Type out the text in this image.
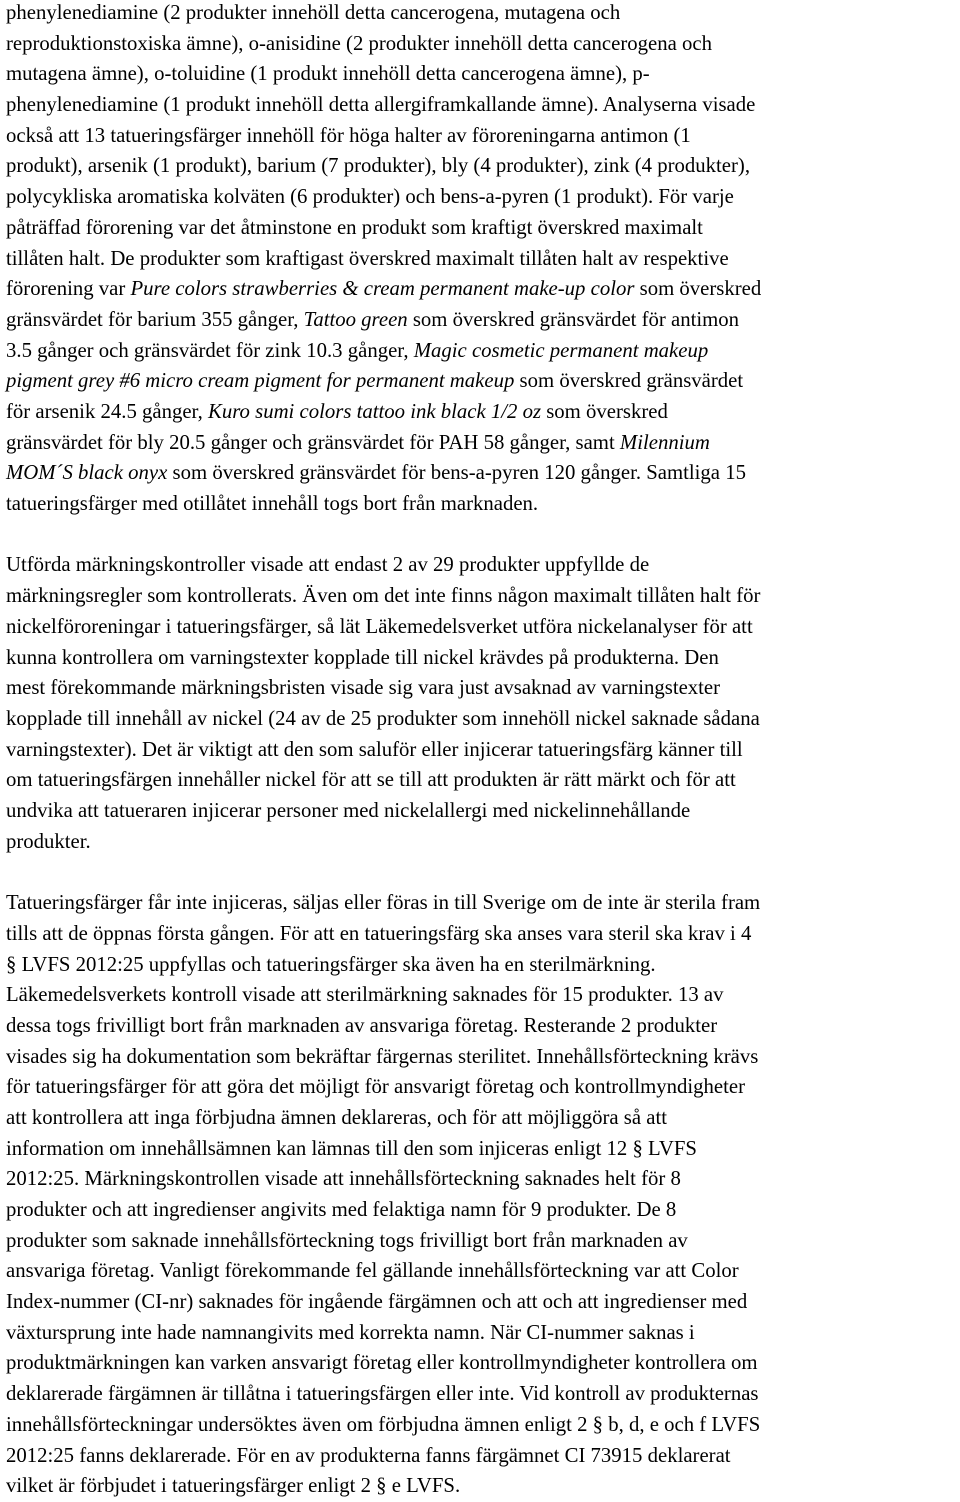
phenylenediamine (2 produkter innehöll detta cancerogena, mutagena och
reproduktionstoxiska ämne), o-anisidine (2 produkter innehöll detta cancerogena och
mutagena ämne), o-toluidine (1 produkt innehöll detta cancerogena ämne), p-
phenylenediamine (1 produkt innehöll detta allergiframkallande ämne). Analyserna visade
också att 13 tatueringsfärger innehöll för höga halter av föroreningarna antimon (1
produkt), arsenik (1 produkt), barium (7 produkter), bly (4 produkter), zink (4 produkter),
polycykliska aromatiska kolväten (6 produkter) och bens-a-pyren (1 produkt). För varje
påträffad förorening var det åtminstone en produkt som kraftigt överskred maximalt
tillåten halt. De produkter som kraftigast överskred maximalt tillåten halt av respektive
förorening var Pure colors strawberries & cream permanent make-up color som överskred
gränsvärdet för barium 355 gånger, Tattoo green som överskred gränsvärdet för antimon
3.5 gånger och gränsvärdet för zink 10.3 gånger, Magic cosmetic permanent makeup
pigment grey #6 micro cream pigment for permanent makeup som överskred gränsvärdet
för arsenik 24.5 gånger, Kuro sumi colors tattoo ink black 1/2 oz som överskred
gränsvärdet för bly 20.5 gånger och gränsvärdet för PAH 58 gånger, samt Milennium
MOM´S black onyx som överskred gränsvärdet för bens-a-pyren 120 gånger. Samtliga 15
tatueringsfärger med otillåtet innehåll togs bort från marknaden.
Utförda märkningskontroller visade att endast 2 av 29 produkter uppfyllde de
märkningsregler som kontrollerats. Även om det inte finns någon maximalt tillåten halt för
nickelföroreningar i tatueringsfärger, så lät Läkemedelsverket utföra nickelanalyser för att
kunna kontrollera om varningstexter kopplade till nickel krävdes på produkterna. Den
mest förekommande märkningsbristen visade sig vara just avsaknad av varningstexter
kopplade till innehåll av nickel (24 av de 25 produkter som innehöll nickel saknade sådana
varningstexter). Det är viktigt att den som saluför eller injicerar tatueringsfärg känner till
om tatueringsfärgen innehåller nickel för att se till att produkten är rätt märkt och för att
undvika att tatueraren injicerar personer med nickelallergi med nickelinnehållande
produkter.
Tatueringsfärger får inte injiceras, säljas eller föras in till Sverige om de inte är sterila fram
tills att de öppnas första gången. För att en tatueringsfärg ska anses vara steril ska krav i 4
§ LVFS 2012:25 uppfyllas och tatueringsfärger ska även ha en sterilmärkning.
Läkemedelsverkets kontroll visade att sterilmärkning saknades för 15 produkter. 13 av
dessa togs frivilligt bort från marknaden av ansvariga företag. Resterande 2 produkter
visades sig ha dokumentation som bekräftar färgernas sterilitet. Innehållsförteckning krävs
för tatueringsfärger för att göra det möjligt för ansvarigt företag och kontrollmyndigheter
att kontrollera att inga förbjudna ämnen deklareras, och för att möjliggöra så att
information om innehållsämnen kan lämnas till den som injiceras enligt 12 § LVFS
2012:25. Märkningskontrollen visade att innehållsförteckning saknades helt för 8
produkter och att ingredienser angivits med felaktiga namn för 9 produkter. De 8
produkter som saknade innehållsförteckning togs frivilligt bort från marknaden av
ansvariga företag. Vanligt förekommande fel gällande innehållsförteckning var att Color
Index-nummer (CI-nr) saknades för ingående färgämnen och att och att ingredienser med
växtursprung inte hade namnangivits med korrekta namn. När CI-nummer saknas i
produktmärkningen kan varken ansvarigt företag eller kontrollmyndigheter kontrollera om
deklarerade färgämnen är tillåtna i tatueringsfärgen eller inte. Vid kontroll av produkternas
innehållsförteckningar undersöktes även om förbjudna ämnen enligt 2 § b, d, e och f LVFS
2012:25 fanns deklarerade. För en av produkterna fanns färgämnet CI 73915 deklarerat
vilket är förbjudet i tatueringsfärger enligt 2 § e LVFS.
